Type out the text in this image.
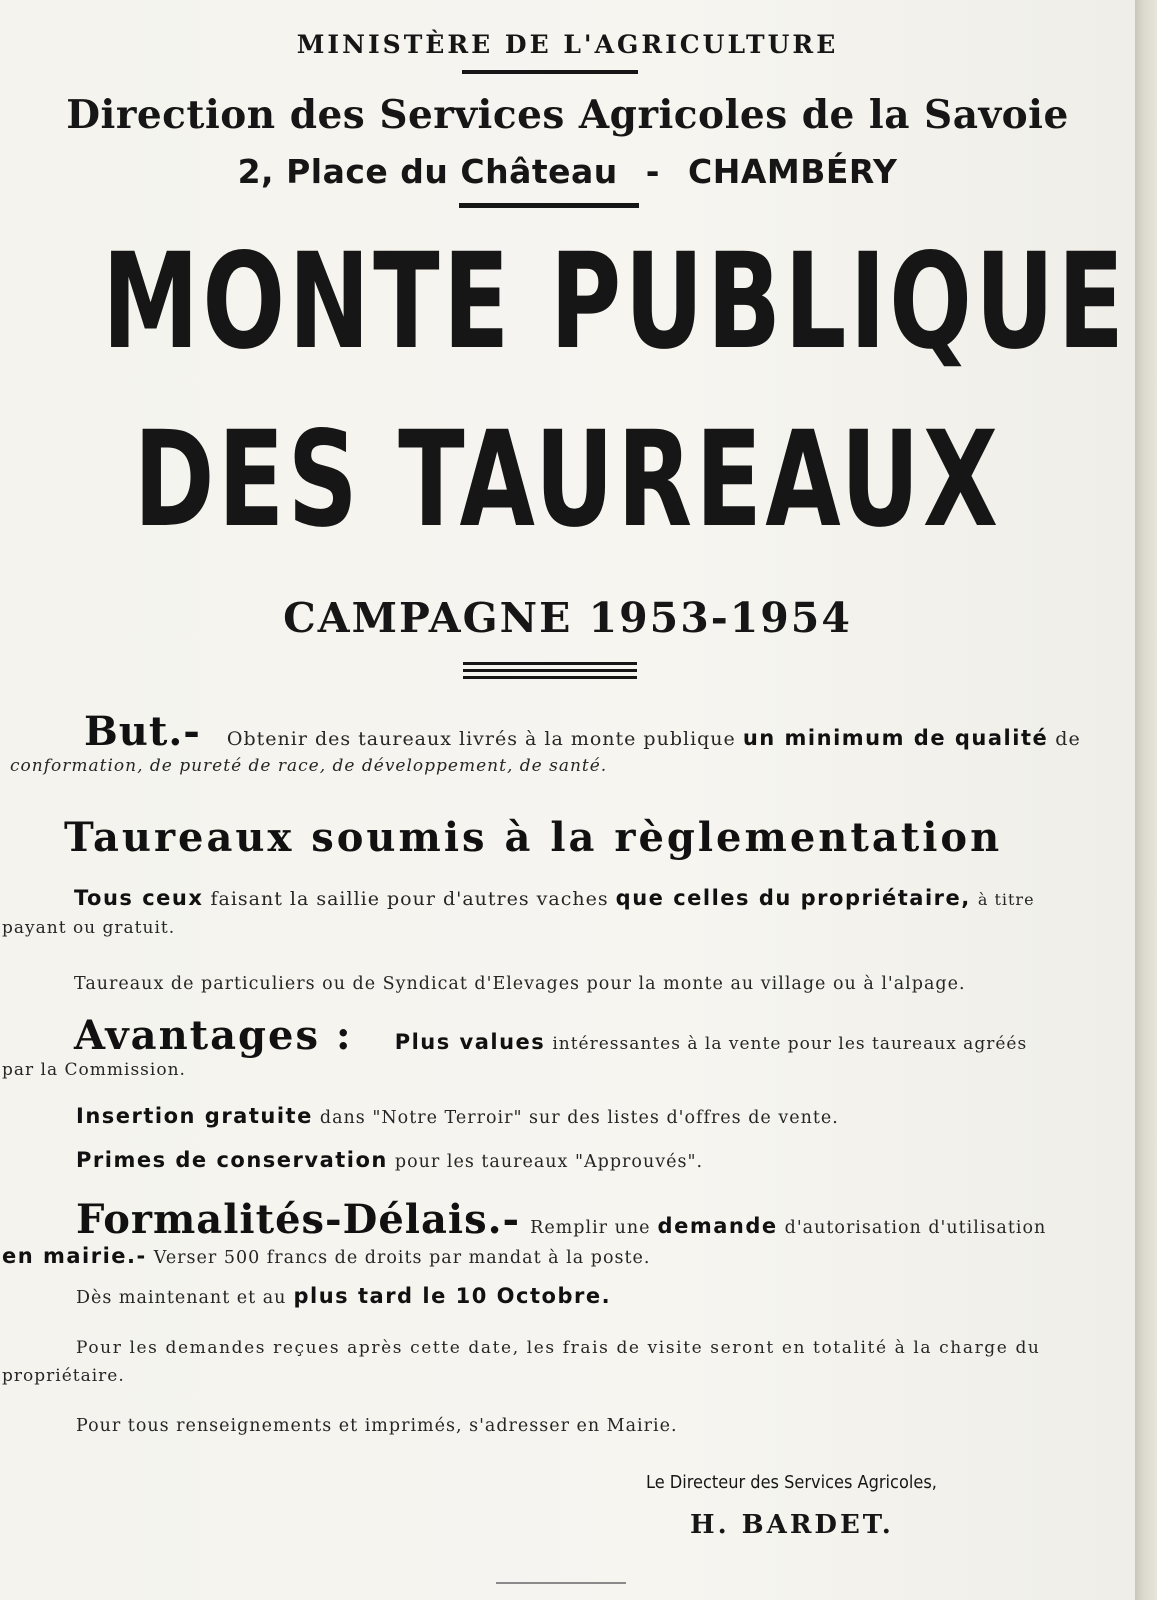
MINISTÈRE DE L'AGRICULTURE
Direction des Services Agricoles de la Savoie
2, Place du Château - CHAMBÉRY
MONTE PUBLIQUE
DES TAUREAUX
CAMPAGNE 1953-1954
But.- Obtenir des taureaux livrés à la monte publique un minimum de qualité de
conformation, de pureté de race, de développement, de santé.
Taureaux soumis à la règlementation
Tous ceux faisant la saillie pour d'autres vaches que celles du propriétaire, à titre
payant ou gratuit.
Taureaux de particuliers ou de Syndicat d'Elevages pour la monte au village ou à l'alpage.
Avantages : Plus values intéressantes à la vente pour les taureaux agréés
par la Commission.
Insertion gratuite dans "Notre Terroir" sur des listes d'offres de vente.
Primes de conservation pour les taureaux "Approuvés".
Formalités-Délais.- Remplir une demande d'autorisation d'utilisation
en mairie.- Verser 500 francs de droits par mandat à la poste.
Dès maintenant et au plus tard le 10 Octobre.
Pour les demandes reçues après cette date, les frais de visite seront en totalité à la charge du
propriétaire.
Pour tous renseignements et imprimés, s'adresser en Mairie.
Le Directeur des Services Agricoles,
H. BARDET.
